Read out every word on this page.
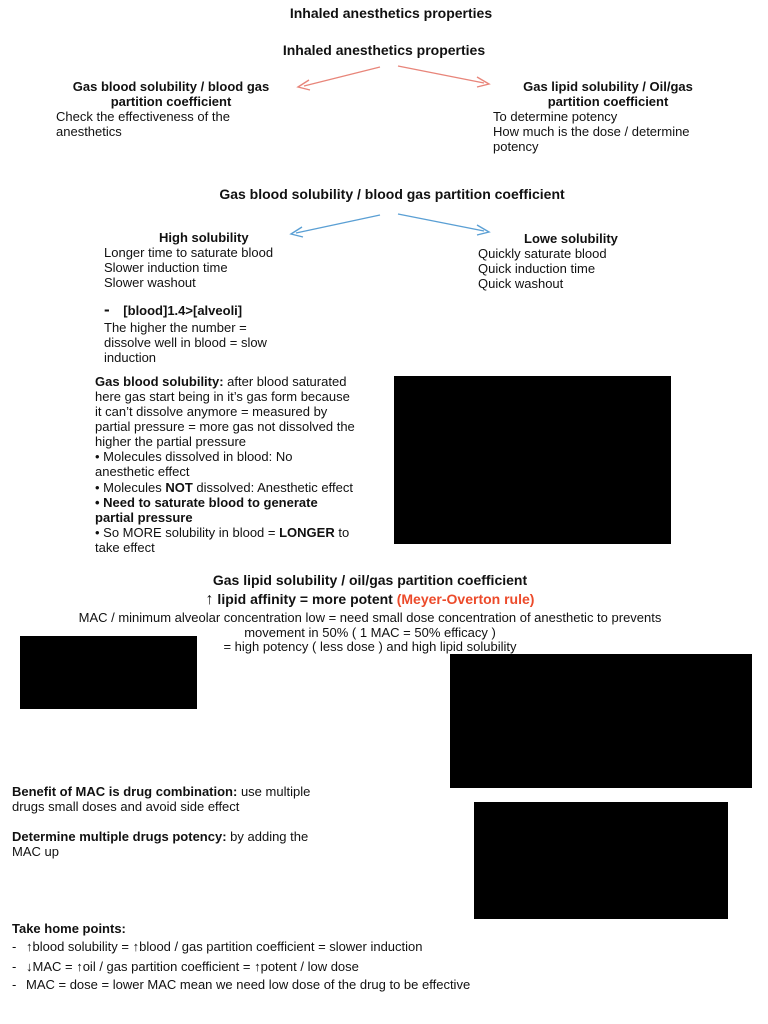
Inhaled anesthetics properties
Inhaled anesthetics properties
Gas blood solubility / blood gas
partition coefficient
Check the effectiveness of the
anesthetics
Gas lipid solubility / Oil/gas
partition coefficient
To determine potency
How much is the dose / determine
potency
Gas blood solubility / blood gas partition coefficient
High solubility
Longer time to saturate blood
Slower induction time
Slower washout
Lowe solubility
Quickly saturate blood
Quick induction time
Quick washout
- [blood]1.4>[alveoli]
The higher the number =
dissolve well in blood = slow
induction
Gas blood solubility: after blood saturated
here gas start being in it’s gas form because
it can’t dissolve anymore = measured by
partial pressure = more gas not dissolved the
higher the partial pressure
• Molecules dissolved in blood: No
anesthetic effect
• Molecules NOT dissolved: Anesthetic effect
• Need to saturate blood to generate
partial pressure
• So MORE solubility in blood = LONGER to
take effect
Gas lipid solubility / oil/gas partition coefficient
↑ lipid affinity = more potent (Meyer-Overton rule)
MAC / minimum alveolar concentration low = need small dose concentration of anesthetic to prevents
movement in 50% ( 1 MAC = 50% efficacy )
= high potency ( less dose ) and high lipid solubility
Benefit of MAC is drug combination: use multiple
drugs small doses and avoid side effect
Determine multiple drugs potency: by adding the
MAC up
Take home points:
- ↑blood solubility = ↑blood / gas partition coefficient = slower induction
- ↓MAC = ↑oil / gas partition coefficient = ↑potent / low dose
- MAC = dose = lower MAC mean we need low dose of the drug to be effective
